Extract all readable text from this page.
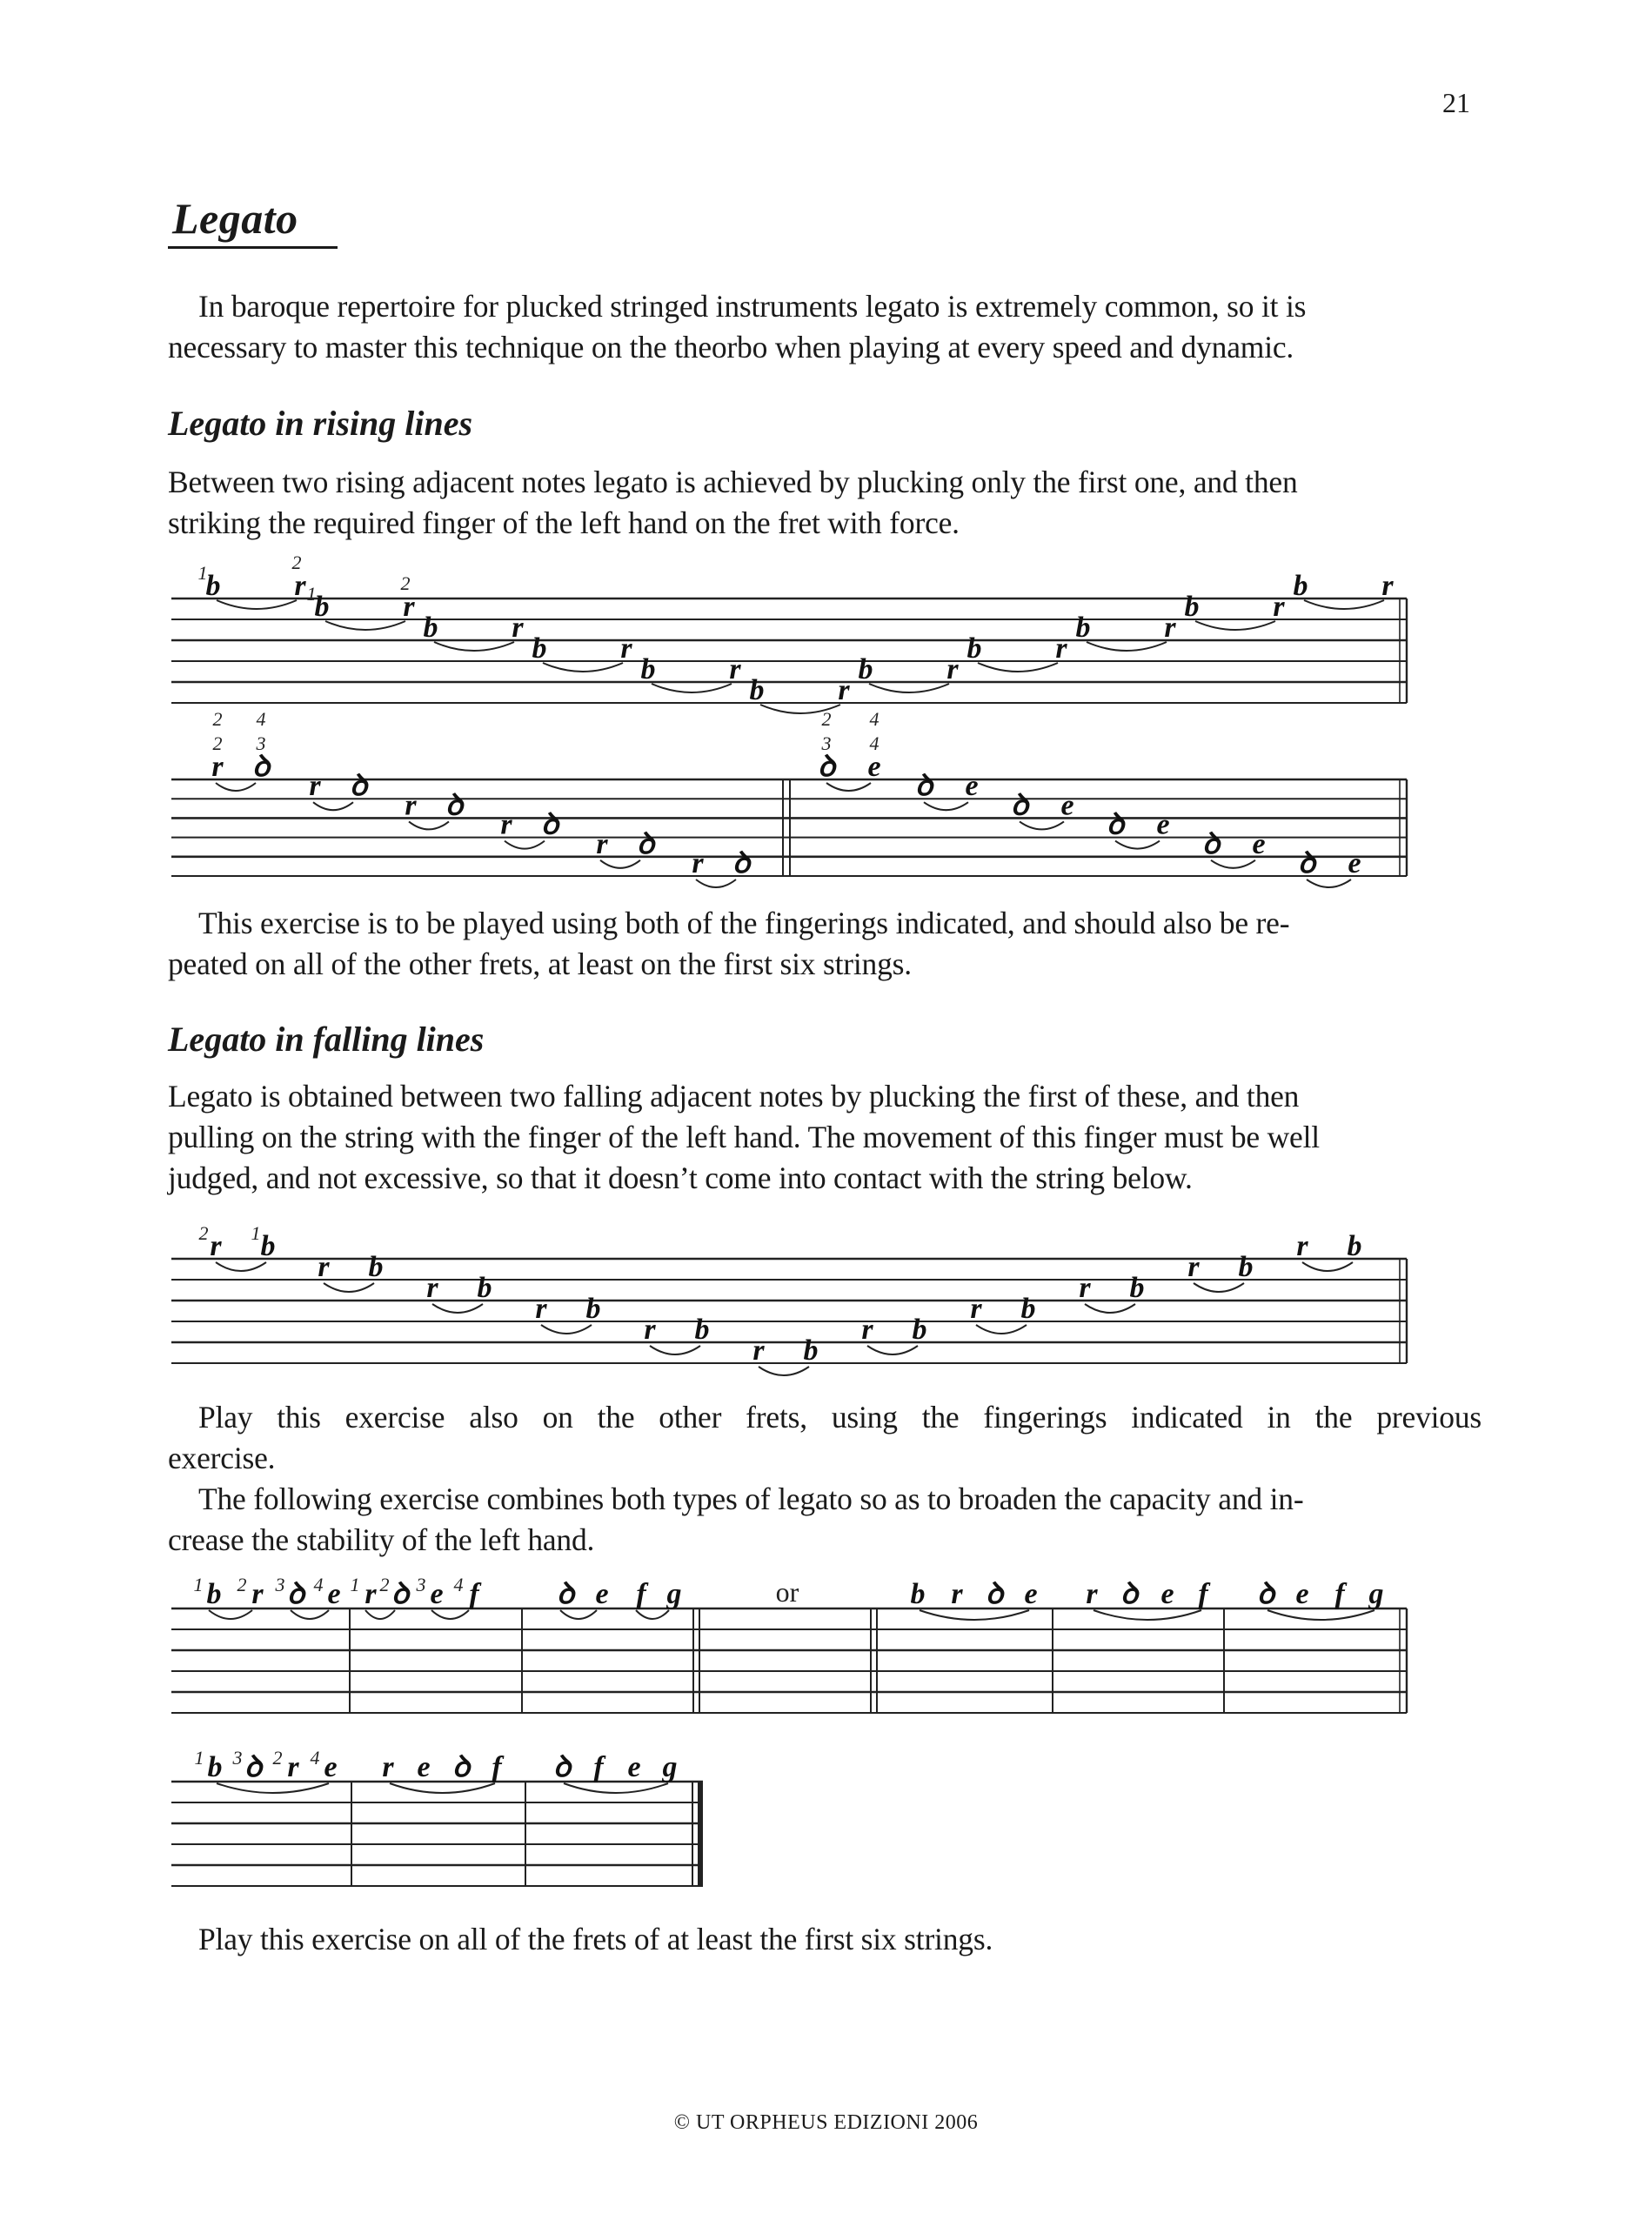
21
Legato
In baroque repertoire for plucked stringed instruments legato is extremely common, so it is
necessary to master this technique on the theorbo when playing at every speed and dynamic.
Legato in rising lines
Between two rising adjacent notes legato is achieved by plucking only the first one, and then
striking the required finger of the left hand on the fret with force.
b r
1	2
b r
1	2
b r
b r
b r
b r
b r
b r
b r
b r
b r
r ꝺ
r ꝺ
r ꝺ
r ꝺ
r ꝺ
r ꝺ
2 4
2 3
ꝺ e
ꝺ e
ꝺ e
ꝺ e
ꝺ e
ꝺ e
2 4
3 4
This exercise is to be played using both of the fingerings indicated, and should also be re-
peated on all of the other frets, at least on the first six strings.
Legato in falling lines
Legato is obtained between two falling adjacent notes by plucking the first of these, and then
pulling on the string with the finger of the left hand. The movement of this finger must be well
judged, and not excessive, so that it doesn’t come into contact with the string below.
r b
r b
r b
r b
r b
r b
r b
r b
r b
r b
r b
2 1
Play this exercise also on the other frets, using the fingerings indicated in the previous
exercise.
The following exercise combines both types of legato so as to broaden the capacity and in-
crease the stability of the left hand.
b
1 r
2 ꝺ
3 e
4 r
1 ꝺ
2 e
3 f
4	ꝺ e f g	or	b r ꝺ e r ꝺ e f ꝺ e f g
b
1 ꝺ
3 r
2 e
4 r e ꝺ f ꝺ f e g
Play this exercise on all of the frets of at least the first six strings.
© UT ORPHEUS EDIZIONI 2006
